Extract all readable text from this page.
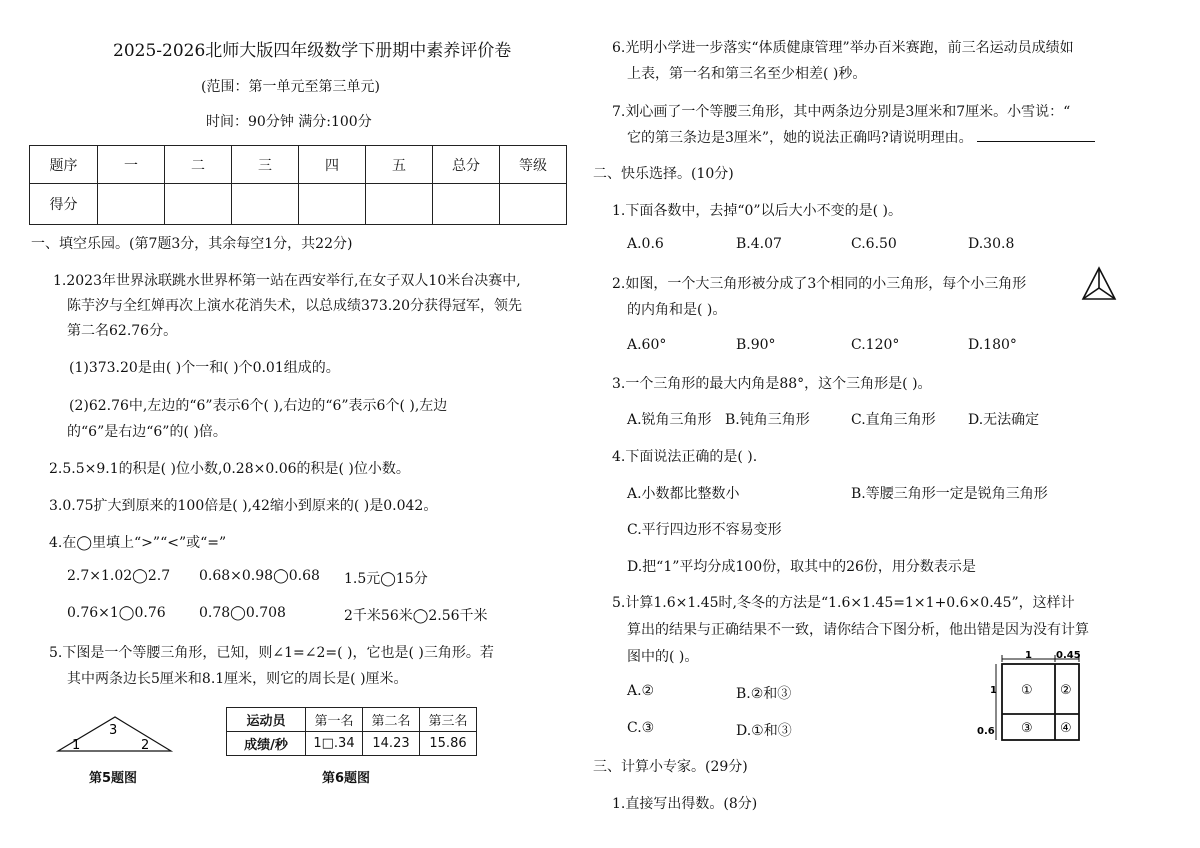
2025-2026北师大版四年级数学下册期中素养评价卷
(范围：第一单元至第三单元)
时间：90分钟 满分:100分
题序	一	二	三	四	五	总分	等级
得分							
一、填空乐园。(第7题3分，其余每空1分，共22分)
1.2023年世界泳联跳水世界杯第一站在西安举行,在女子双人10米台决赛中,
陈芋汐与全红婵再次上演水花消失术，以总成绩373.20分获得冠军，领先
第二名62.76分。
(1)373.20是由( )个一和( )个0.01组成的。
(2)62.76中,左边的“6”表示6个( ),右边的“6”表示6个( ),左边
的“6”是右边“6”的( )倍。
2.5.5×9.1的积是( )位小数,0.28×0.06的积是( )位小数。
3.0.75扩大到原来的100倍是( ),42缩小到原来的( )是0.042。
4.在◯里填上“>”“<”或“=”
2.7×1.02◯2.7 0.68×0.98◯0.68 1.5元◯15分
0.76×1◯0.76 0.78◯0.708	2千米56米◯2.56千米
5.下图是一个等腰三角形，已知，则∠1=∠2=( )，它也是( )三角形。若
其中两条边长5厘米和8.1厘米，则它的周长是( )厘米。
3
1	2
第5题图
运动员	第一名	第二名	第三名
成绩/秒	1□.34	14.23	15.86
第6题图
6.光明小学进一步落实“体质健康管理”举办百米赛跑，前三名运动员成绩如
上表，第一名和第三名至少相差( )秒。
7.刘心画了一个等腰三角形，其中两条边分别是3厘米和7厘米。小雪说：“
它的第三条边是3厘米”，她的说法正确吗?请说明理由。
二、快乐选择。(10分)
1.下面各数中，去掉“0”以后大小不变的是( )。
A.0.6	B.4.07	C.6.50	D.30.8
2.如图，一个大三角形被分成了3个相同的小三角形，每个小三角形
的内角和是( )。
A.60°	B.90°	C.120°	D.180°
3.一个三角形的最大内角是88°，这个三角形是( )。
A.锐角三角形 B.钝角三角形	C.直角三角形 D.无法确定
4.下面说法正确的是( ).
A.小数都比整数小	B.等腰三角形一定是锐角三角形
C.平行四边形不容易变形
D.把“1”平均分成100份，取其中的26份，用分数表示是
5.计算1.6×1.45时,冬冬的方法是“1.6×1.45=1×1+0.6×0.45”，这样计
算出的结果与正确结果不一致，请你结合下图分析，他出错是因为没有计算
图中的( )。
A.②	B.②和③
C.③	D.①和③
1 0.45
1
0.6
① ②
③ ④
三、计算小专家。(29分)
1.直接写出得数。(8分)
